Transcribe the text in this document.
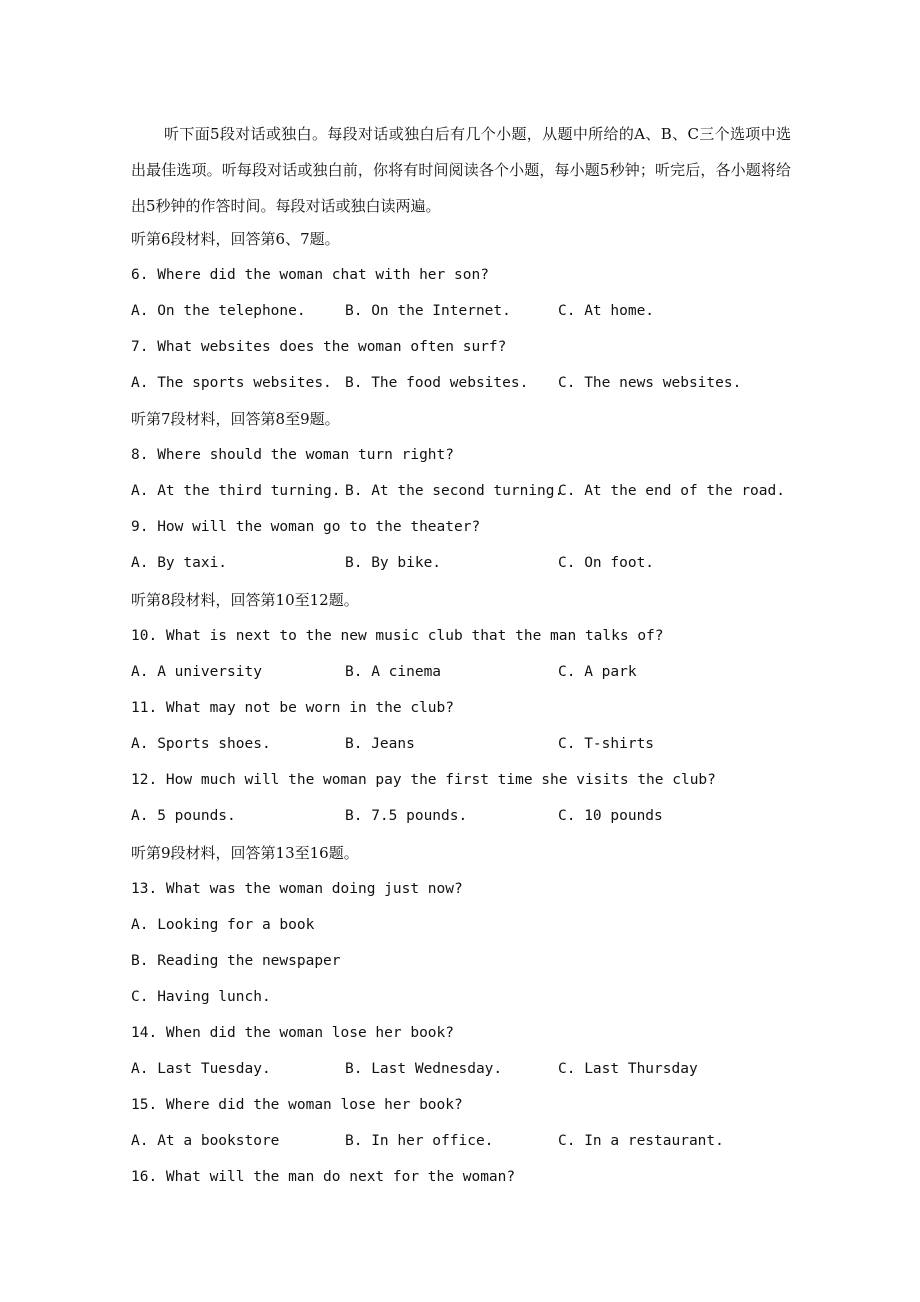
听下面5段对话或独白。每段对话或独白后有几个小题，从题中所给的A、B、C三个选项中选出最佳选项。听每段对话或独白前，你将有时间阅读各个小题，每小题5秒钟；听完后，各小题将给出5秒钟的作答时间。每段对话或独白读两遍。
听第6段材料，回答第6、7题。
6. Where did the woman chat with her son?
A. On the telephone.	B. On the Internet.	C. At home.
7. What websites does the woman often surf?
A. The sports websites. B. The food websites. C. The news websites.
听第7段材料，回答第8至9题。
8. Where should the woman turn right?
A. At the third turning. B. At the second turning.
C. At the end of the road.
9. How will the woman go to the theater?
A. By taxi.	B. By bike.	C. On foot.
听第8段材料，回答第10至12题。
10. What is next to the new music club that the man talks of?
A. A university	B. A cinema	C. A park
11. What may not be worn in the club?
A. Sports shoes.	B. Jeans	C. T-shirts
12. How much will the woman pay the first time she visits the club?
A. 5 pounds.	B. 7.5 pounds.	C. 10 pounds
听第9段材料，回答第13至16题。
13. What was the woman doing just now?
A. Looking for a book
B. Reading the newspaper
C. Having lunch.
14. When did the woman lose her book?
A. Last Tuesday.	B. Last Wednesday.	C. Last Thursday
15. Where did the woman lose her book?
A. At a bookstore	B. In her office.	C. In a restaurant.
16. What will the man do next for the woman?
